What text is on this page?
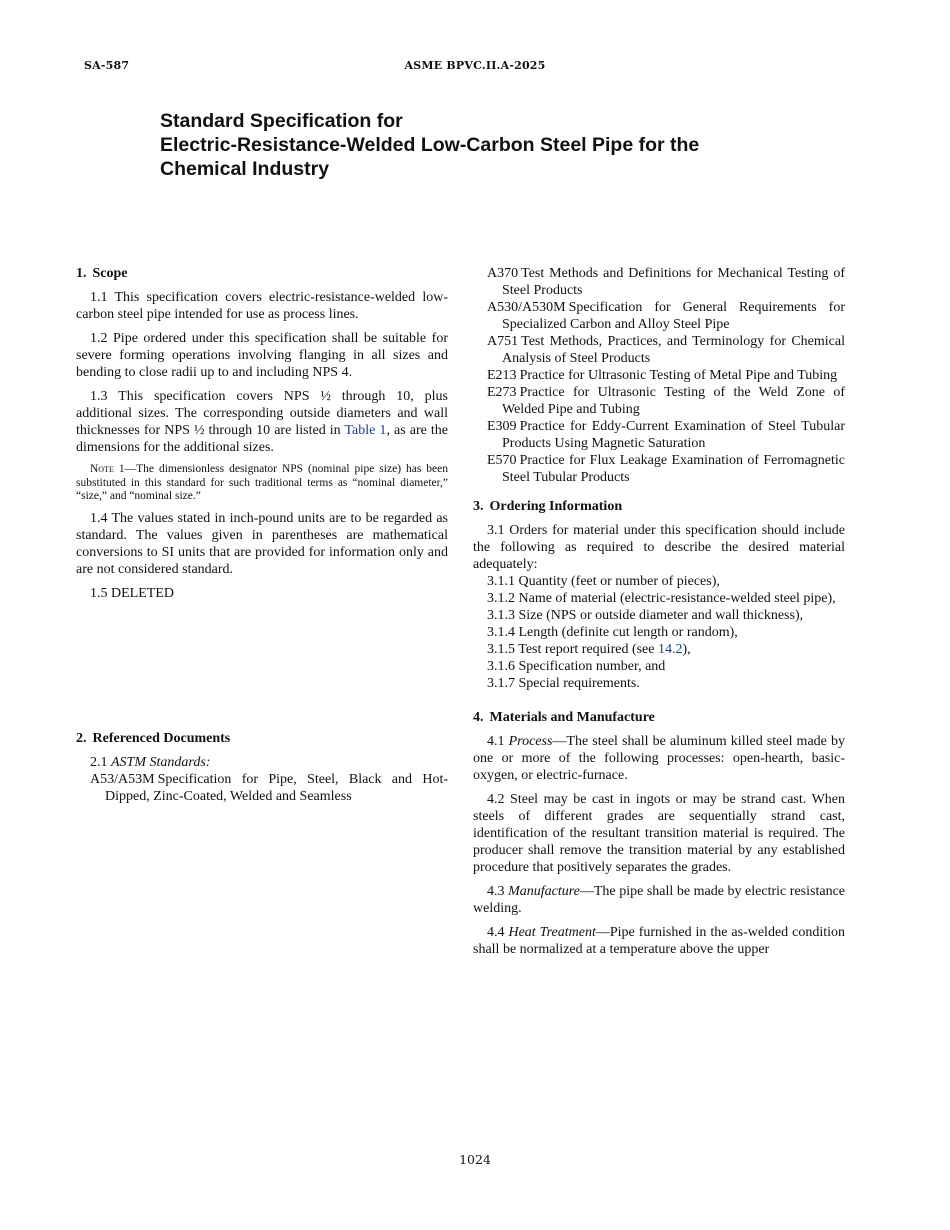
SA-587	ASME BPVC.II.A-2025
Standard Specification for
Electric-Resistance-Welded Low-Carbon Steel Pipe for the
Chemical Industry
1. Scope

1.1 This specification covers electric-resistance-welded low-carbon steel pipe intended for use as process lines.

1.2 Pipe ordered under this specification shall be suitable for severe forming operations involving flanging in all sizes and bending to close radii up to and including NPS 4.

1.3 This specification covers NPS ½ through 10, plus additional sizes. The corresponding outside diameters and wall thicknesses for NPS ½ through 10 are listed in Table 1, as are the dimensions for the additional sizes.

Note 1—The dimensionless designator NPS (nominal pipe size) has been substituted in this standard for such traditional terms as “nominal diameter,” “size,” and “nominal size.”

1.4 The values stated in inch-pound units are to be regarded as standard. The values given in parentheses are mathematical conversions to SI units that are provided for information only and are not considered standard.

1.5 DELETED

2. Referenced Documents

2.1 ASTM Standards:

A53/A53M Specification for Pipe, Steel, Black and Hot-Dipped, Zinc-Coated, Welded and Seamless

A370 Test Methods and Definitions for Mechanical Testing of Steel Products

A530/A530M Specification for General Requirements for Specialized Carbon and Alloy Steel Pipe

A751 Test Methods, Practices, and Terminology for Chemical Analysis of Steel Products

E213 Practice for Ultrasonic Testing of Metal Pipe and Tubing

E273 Practice for Ultrasonic Testing of the Weld Zone of Welded Pipe and Tubing

E309 Practice for Eddy-Current Examination of Steel Tubular Products Using Magnetic Saturation

E570 Practice for Flux Leakage Examination of Ferromagnetic Steel Tubular Products

3. Ordering Information

3.1 Orders for material under this specification should include the following as required to describe the desired material adequately:

3.1.1 Quantity (feet or number of pieces),

3.1.2 Name of material (electric-resistance-welded steel pipe),

3.1.3 Size (NPS or outside diameter and wall thickness),

3.1.4 Length (definite cut length or random),

3.1.5 Test report required (see 14.2),

3.1.6 Specification number, and

3.1.7 Special requirements.

4. Materials and Manufacture

4.1 Process—The steel shall be aluminum killed steel made by one or more of the following processes: open-hearth, basic-oxygen, or electric-furnace.

4.2 Steel may be cast in ingots or may be strand cast. When steels of different grades are sequentially strand cast, identification of the resultant transition material is required. The producer shall remove the transition material by any established procedure that positively separates the grades.

4.3 Manufacture—The pipe shall be made by electric resistance welding.

4.4 Heat Treatment—Pipe furnished in the as-welded condition shall be normalized at a temperature above the upper

1024
